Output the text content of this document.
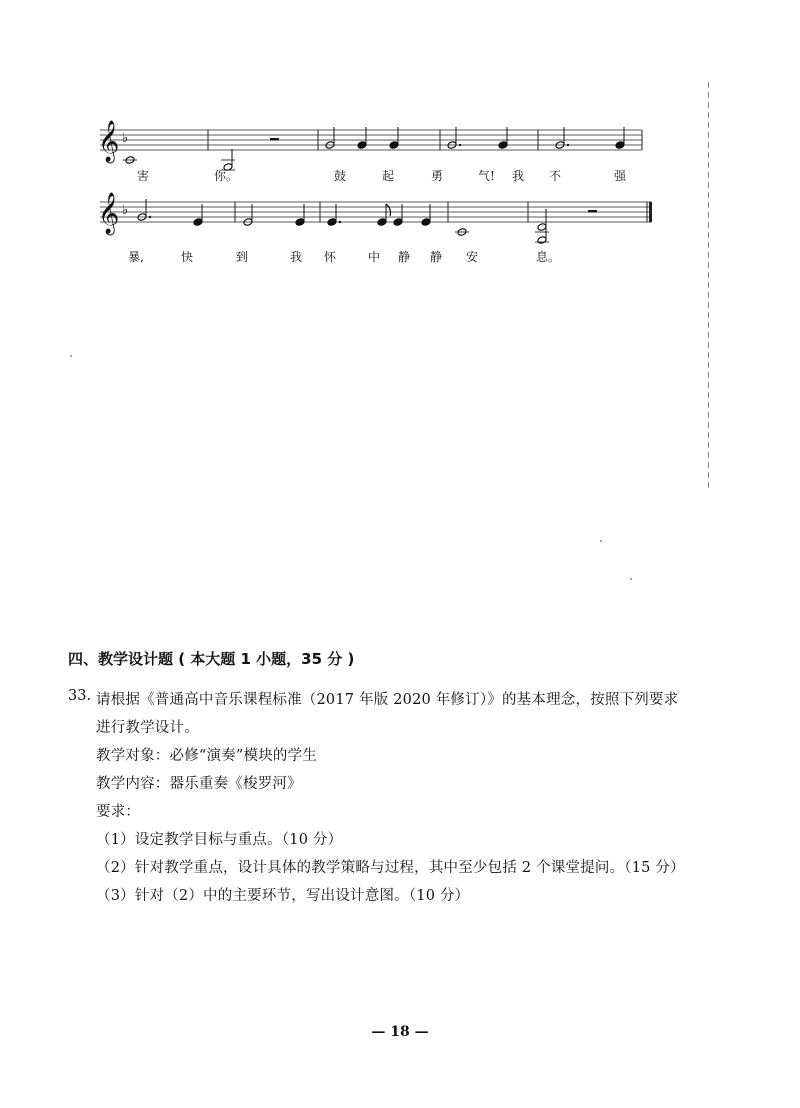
𝄞 ♭
𝄞 ♭
害	你。	鼓	起	勇	气! 我 不	强
暴,	快	到	我 怀	中 静 静 安	息。
四、教学设计题 ( 本大题 1 小题，35 分 )
33. 请根据《普通高中音乐课程标准（2017 年版 2020 年修订）》的基本理念，按照下列要求
进行教学设计。
教学对象：必修“演奏”模块的学生
教学内容：器乐重奏《梭罗河》
要求：
（1）设定教学目标与重点。（10 分）
（2）针对教学重点，设计具体的教学策略与过程，其中至少包括 2 个课堂提问。（15 分）
（3）针对（2）中的主要环节，写出设计意图。（10 分）
— 18 —
